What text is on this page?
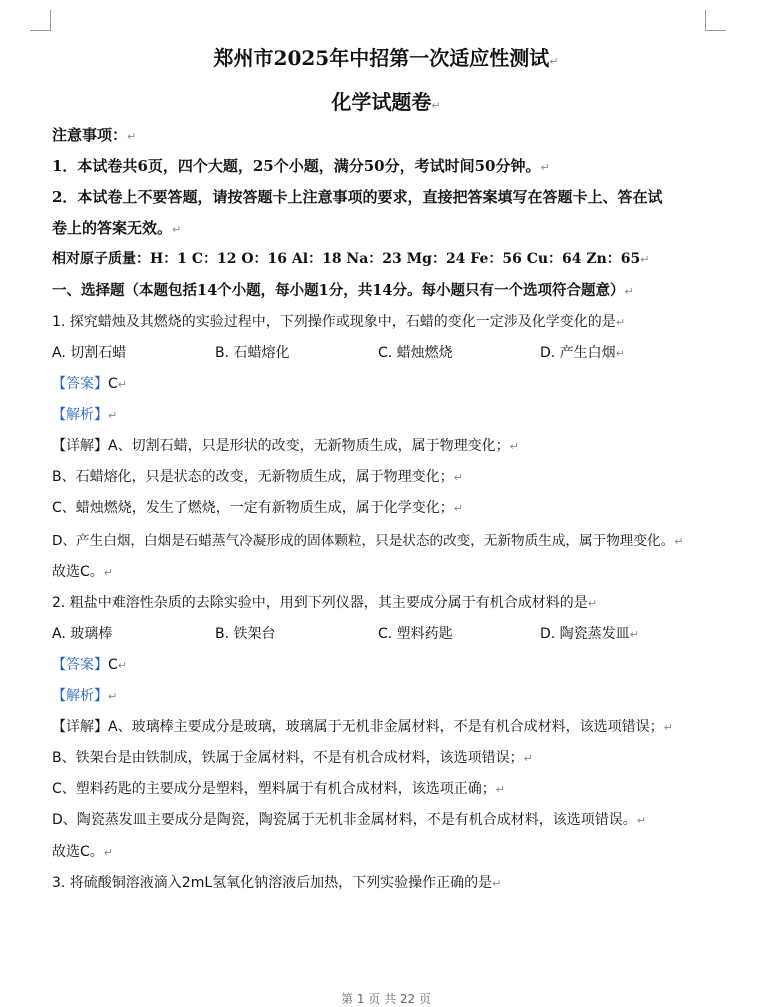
郑州市2025年中招第一次适应性测试↵
化学试题卷↵
注意事项：↵
1．本试卷共6页，四个大题，25个小题，满分50分，考试时间50分钟。↵
2．本试卷上不要答题，请按答题卡上注意事项的要求，直接把答案填写在答题卡上、答在试
卷上的答案无效。↵
相对原子质量：H：1 C：12 O：16 Al：18 Na：23 Mg：24 Fe：56 Cu：64 Zn：65↵
一、选择题（本题包括14个小题，每小题1分，共14分。每小题只有一个选项符合题意）↵
1. 探究蜡烛及其燃烧的实验过程中，下列操作或现象中，石蜡的变化一定涉及化学变化的是↵
A. 切割石蜡	B. 石蜡熔化	C. 蜡烛燃烧	D. 产生白烟↵
【答案】C↵
【解析】↵
【详解】A、切割石蜡，只是形状的改变，无新物质生成，属于物理变化；↵
B、石蜡熔化，只是状态的改变，无新物质生成，属于物理变化；↵
C、蜡烛燃烧，发生了燃烧，一定有新物质生成，属于化学变化；↵
D、产生白烟，白烟是石蜡蒸气冷凝形成的固体颗粒，只是状态的改变，无新物质生成，属于物理变化。↵
故选C。↵
2. 粗盐中难溶性杂质的去除实验中，用到下列仪器，其主要成分属于有机合成材料的是↵
A. 玻璃棒	B. 铁架台	C. 塑料药匙	D. 陶瓷蒸发皿↵
【答案】C↵
【解析】↵
【详解】A、玻璃棒主要成分是玻璃，玻璃属于无机非金属材料，不是有机合成材料，该选项错误；↵
B、铁架台是由铁制成，铁属于金属材料，不是有机合成材料，该选项错误；↵
C、塑料药匙的主要成分是塑料，塑料属于有机合成材料，该选项正确；↵
D、陶瓷蒸发皿主要成分是陶瓷，陶瓷属于无机非金属材料，不是有机合成材料，该选项错误。↵
故选C。↵
3. 将硫酸铜溶液滴入2mL氢氧化钠溶液后加热，下列实验操作正确的是↵
第 1 页 共 22 页
